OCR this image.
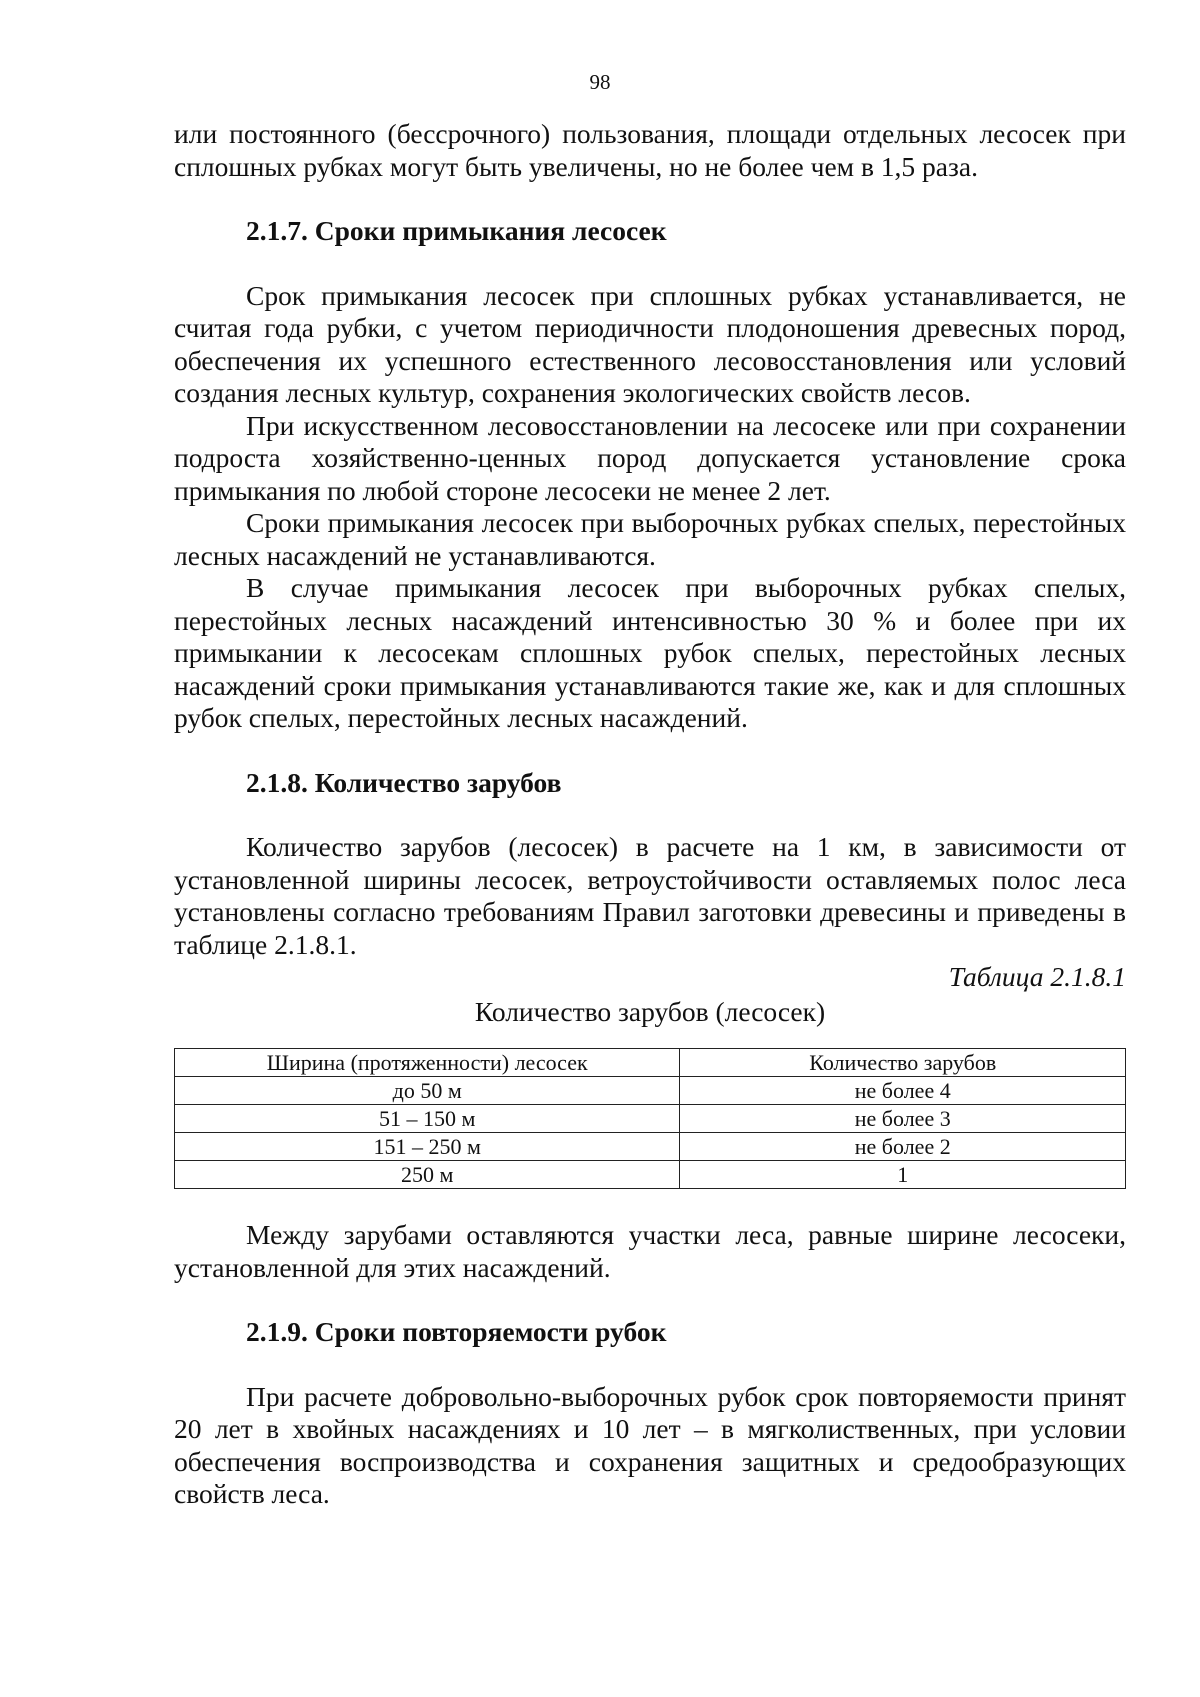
98

или постоянного (бессрочного) пользования, площади отдельных лесосек при сплошных рубках могут быть увеличены, но не более чем в 1,5 раза.

2.1.7. Сроки примыкания лесосек

Срок примыкания лесосек при сплошных рубках устанавливается, не считая года рубки, с учетом периодичности плодоношения древесных пород, обеспечения их успешного естественного лесовосстановления или условий создания лесных культур, сохранения экологических свойств лесов.

При искусственном лесовосстановлении на лесосеке или при сохранении подроста хозяйственно-ценных пород допускается установление срока примыкания по любой стороне лесосеки не менее 2 лет.

Сроки примыкания лесосек при выборочных рубках спелых, перестойных лесных насаждений не устанавливаются.

В случае примыкания лесосек при выборочных рубках спелых, перестойных лесных насаждений интенсивностью 30 % и более при их примыкании к лесосекам сплошных рубок спелых, перестойных лесных насаждений сроки примыкания устанавливаются такие же, как и для сплошных рубок спелых, перестойных лесных насаждений.

2.1.8. Количество зарубов

Количество зарубов (лесосек) в расчете на 1 км, в зависимости от установленной ширины лесосек, ветроустойчивости оставляемых полос леса установлены согласно требованиям Правил заготовки древесины и приведены в таблице 2.1.8.1.

Таблица 2.1.8.1

Количество зарубов (лесосек)

Ширина (протяженности) лесосек	Количество зарубов
до 50 м	не более 4
51 – 150 м	не более 3
151 – 250 м	не более 2
250 м	1

Между зарубами оставляются участки леса, равные ширине лесосеки, установленной для этих насаждений.

2.1.9. Сроки повторяемости рубок

При расчете добровольно-выборочных рубок срок повторяемости принят 20 лет в хвойных насаждениях и 10 лет – в мягколиственных, при условии обеспечения воспроизводства и сохранения защитных и средообразующих свойств леса.
